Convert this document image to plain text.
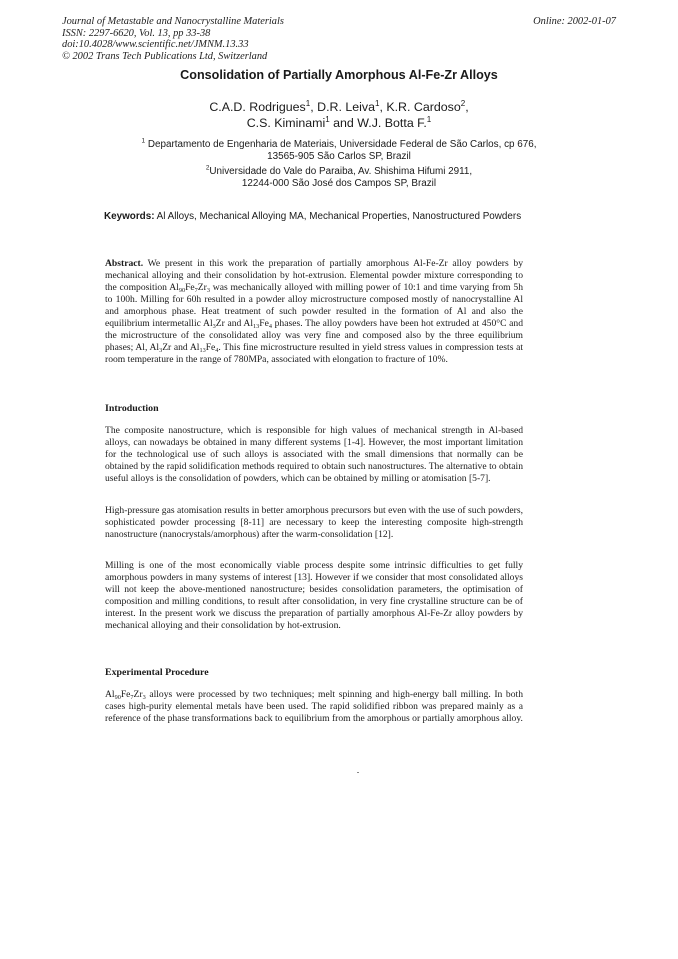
Journal of Metastable and Nanocrystalline Materials
ISSN: 2297-6620, Vol. 13, pp 33-38
doi:10.4028/www.scientific.net/JMNM.13.33
© 2002 Trans Tech Publications Ltd, Switzerland
Online: 2002-01-07
Consolidation of Partially Amorphous Al-Fe-Zr Alloys
C.A.D. Rodrigues$^1$, D.R. Leiva$^1$, K.R. Cardoso$^2$,
C.S. Kiminami$^1$ and W.J. Botta F.$^1$
$^1$ Departamento de Engenharia de Materiais, Universidade Federal de São Carlos, cp 676,
13565-905 São Carlos SP, Brazil
$^2$Universidade do Vale do Paraiba, Av. Shishima Hifumi 2911,
12244-000 São José dos Campos SP, Brazil
Keywords: Al Alloys, Mechanical Alloying MA, Mechanical Properties, Nanostructured Powders
Abstract. We present in this work the preparation of partially amorphous Al-Fe-Zr alloy powders by mechanical alloying and their consolidation by hot-extrusion. Elemental powder mixture corresponding to the composition $Al_{90}Fe_7Zr_3$ was mechanically alloyed with milling power of 10:1 and time varying from 5h to 100h. Milling for 60h resulted in a powder alloy microstructure composed mostly of nanocrystalline Al and amorphous phase. Heat treatment of such powder resulted in the formation of Al and also the equilibrium intermetallic $Al_3Zr$ and $Al_{13}Fe_4$ phases. The alloy powders have been hot extruded at 450°C and the microstructure of the consolidated alloy was very fine and composed also by the three equilibrium phases; Al, $Al_3Zr$ and $Al_{13}Fe_4$. This fine microstructure resulted in yield stress values in compression tests at room temperature in the range of 780MPa, associated with elongation to fracture of 10%.
Introduction
The composite nanostructure, which is responsible for high values of mechanical strength in Al-based alloys, can nowadays be obtained in many different systems [1-4]. However, the most important limitation for the technological use of such alloys is associated with the small dimensions that normally can be obtained by the rapid solidification methods required to obtain such nanostructures. The alternative to obtain useful alloys is the consolidation of powders, which can be obtained by milling or atomisation [5-7].
High-pressure gas atomisation results in better amorphous precursors but even with the use of such powders, sophisticated powder processing [8-11] are necessary to keep the interesting composite high-strength nanostructure (nanocrystals/amorphous) after the warm-consolidation [12].
Milling is one of the most economically viable process despite some intrinsic difficulties to get fully amorphous powders in many systems of interest [13]. However if we consider that most consolidated alloys will not keep the above-mentioned nanostructure; besides consolidation parameters, the optimisation of composition and milling conditions, to result after consolidation, in very fine crystalline structure can be of interest. In the present work we discuss the preparation of partially amorphous Al-Fe-Zr alloy powders by mechanical alloying and their consolidation by hot-extrusion.
Experimental Procedure
$Al_{90}Fe_7Zr_3$ alloys were processed by two techniques; melt spinning and high-energy ball milling. In both cases high-purity elemental metals have been used. The rapid solidified ribbon was prepared mainly as a reference of the phase transformations back to equilibrium from the amorphous or partially amorphous alloy.
